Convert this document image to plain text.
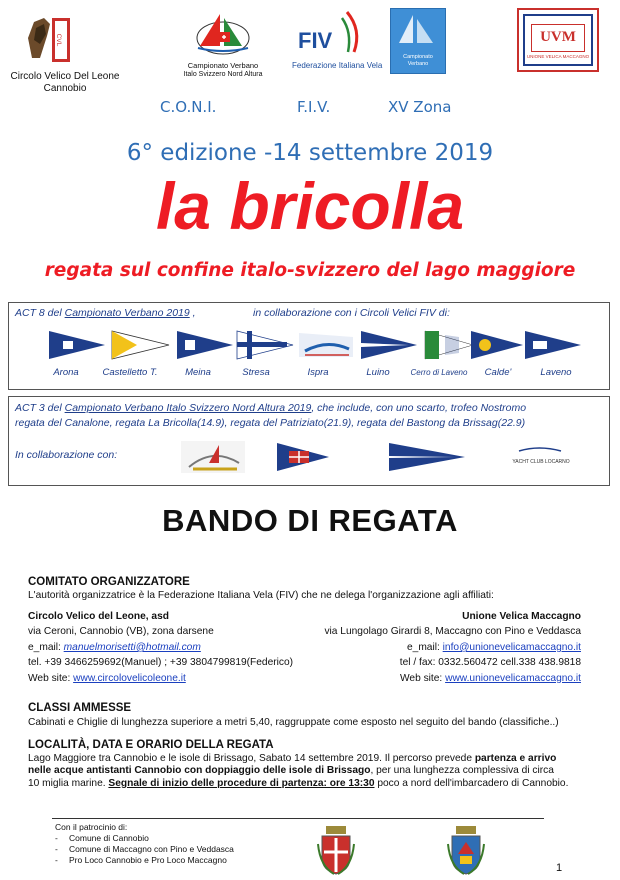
CVL
Circolo Velico Del Leone
Cannobio
Campionato Verbano
Italo Svizzero Nord Altura
FIV
Federazione Italiana Vela
Campionato Verbano
UVM
UNIONE VELICA MACCAGNO
C.O.N.I.	F.I.V.	XV Zona
6° edizione -14 settembre 2019
la bricolla
regata sul confine italo-svizzero del lago maggiore
ACT 8 del Campionato Verbano 2019 ,	in collaborazione con i Circoli Velici FIV di:
Arona	Castelletto T.	Meina	Stresa	Ispra	Luino	Cerro di Laveno	Calde'	Laveno
ACT 3 del Campionato Verbano Italo Svizzero Nord Altura 2019, che include, con uno scarto, trofeo Nostromo
regata del Canalone, regata La Bricolla(14.9), regata del Patriziato(21.9), regata del Bastong da Brissag(22.9)
In collaborazione con:
YACHT CLUB LOCARNO
BANDO DI REGATA
COMITATO ORGANIZZATORE
L'autorità organizzatrice è la Federazione Italiana Vela (FIV) che ne delega l'organizzazione agli affiliati:
Circolo Velico del Leone, asd
via Ceroni, Cannobio (VB), zona darsene
e_mail: manuelmorisetti@hotmail.com
tel. +39 3466259692(Manuel) ; +39 3804799819(Federico)
Web site: www.circolovelicoleone.it
Unione Velica Maccagno
via Lungolago Girardi 8, Maccagno con Pino e Veddasca
e_mail: info@unionevelicamaccagno.it
tel / fax: 0332.560472 cell.338 438.9818
Web site: www.unionevelicamaccagno.it
CLASSI AMMESSE
Cabinati e Chiglie di lunghezza superiore a metri 5,40, raggruppate come esposto nel seguito del bando (classifiche..)
LOCALITÀ, DATA E ORARIO DELLA REGATA
Lago Maggiore tra Cannobio e le isole di Brissago, Sabato 14 settembre 2019. Il percorso prevede partenza e arrivo
nelle acque antistanti Cannobio con doppiaggio delle isole di Brissago, per una lunghezza complessiva di circa
10 miglia marine. Segnale di inizio delle procedure di partenza: ore 13:30 poco a nord dell'imbarcadero di Cannobio.
Con il patrocinio di:
-	Comune di Cannobio
-	Comune di Maccagno con Pino e Veddasca
-	Pro Loco Cannobio e Pro Loco Maccagno
1
